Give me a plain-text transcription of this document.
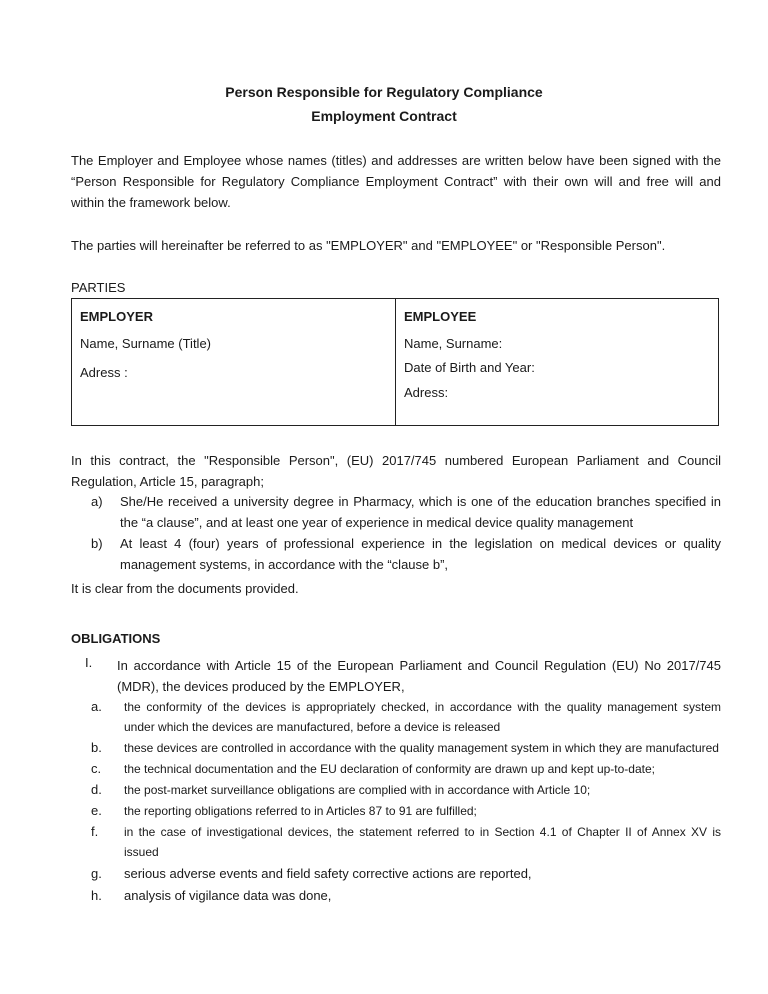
Person Responsible for Regulatory Compliance
Employment Contract
The Employer and Employee whose names (titles) and addresses are written below have been signed with the “Person Responsible for Regulatory Compliance Employment Contract” with their own will and free will and within the framework below.
The parties will hereinafter be referred to as "EMPLOYER" and "EMPLOYEE" or "Responsible Person".
PARTIES
EMPLOYER
Name, Surname (Title)
Adress :
EMPLOYEE
Name, Surname:
Date of Birth and Year:
Adress:
In this contract, the "Responsible Person", (EU) 2017/745 numbered European Parliament and Council Regulation, Article 15, paragraph;
a) She/He received a university degree in Pharmacy, which is one of the education branches specified in the “a clause”, and at least one year of experience in medical device quality management
b) At least 4 (four) years of professional experience in the legislation on medical devices or quality management systems, in accordance with the “clause b”,
It is clear from the documents provided.
OBLIGATIONS
I.	In accordance with Article 15 of the European Parliament and Council Regulation (EU) No 2017/745 (MDR), the devices produced by the EMPLOYER,
a. the conformity of the devices is appropriately checked, in accordance with the quality management system under which the devices are manufactured, before a device is released
b. these devices are controlled in accordance with the quality management system in which they are manufactured
c. the technical documentation and the EU declaration of conformity are drawn up and kept up-to-date;
d. the post-market surveillance obligations are complied with in accordance with Article 10;
e. the reporting obligations referred to in Articles 87 to 91 are fulfilled;
f. in the case of investigational devices, the statement referred to in Section 4.1 of Chapter II of Annex XV is issued
g. serious adverse events and field safety corrective actions are reported,
h. analysis of vigilance data was done,
